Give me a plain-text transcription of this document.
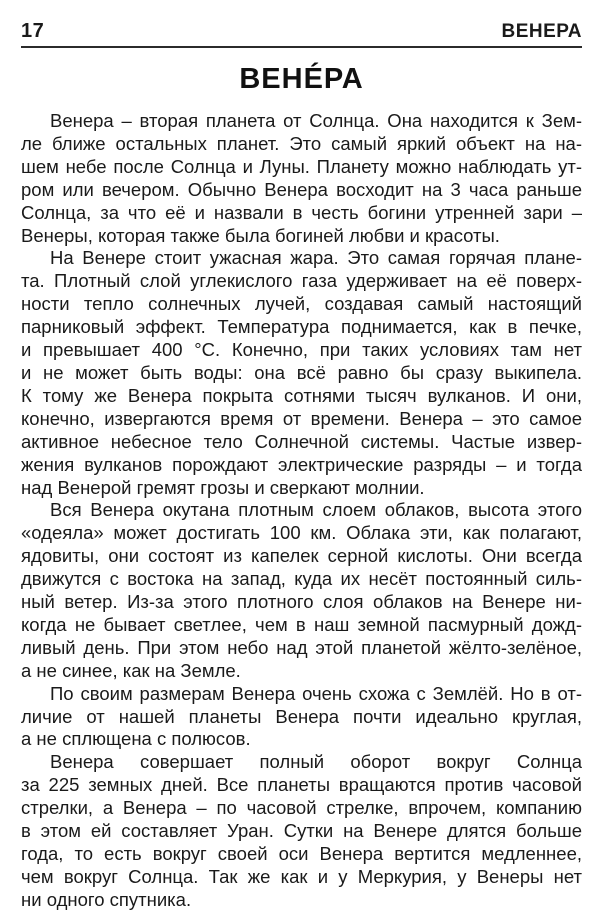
17	ВЕНЕРА
ВЕНÉРА
Венера – вторая планета от Солнца. Она находится к Зем-
ле ближе остальных планет. Это самый яркий объект на на-
шем небе после Солнца и Луны. Планету можно наблюдать ут-
ром или вечером. Обычно Венера восходит на 3 часа раньше
Солнца, за что её и назвали в честь богини утренней зари –
Венеры, которая также была богиней любви и красоты.
На Венере стоит ужасная жара. Это самая горячая плане-
та. Плотный слой углекислого газа удерживает на её поверх-
ности тепло солнечных лучей, создавая самый настоящий
парниковый эффект. Температура поднимается, как в печке,
и превышает 400 °С. Конечно, при таких условиях там нет
и не может быть воды: она всё равно бы сразу выкипела.
К тому же Венера покрыта сотнями тысяч вулканов. И они,
конечно, извергаются время от времени. Венера – это самое
активное небесное тело Солнечной системы. Частые извер-
жения вулканов порождают электрические разряды – и тогда
над Венерой гремят грозы и сверкают молнии.
Вся Венера окутана плотным слоем облаков, высота этого
«одеяла» может достигать 100 км. Облака эти, как полагают,
ядовиты, они состоят из капелек серной кислоты. Они всегда
движутся с востока на запад, куда их несёт постоянный силь-
ный ветер. Из-за этого плотного слоя облаков на Венере ни-
когда не бывает светлее, чем в наш земной пасмурный дожд-
ливый день. При этом небо над этой планетой жёлто-зелёное,
а не синее, как на Земле.
По своим размерам Венера очень схожа с Землёй. Но в от-
личие от нашей планеты Венера почти идеально круглая,
а не сплющена с полюсов.
Венера совершает полный оборот вокруг Солнца
за 225 земных дней. Все планеты вращаются против часовой
стрелки, а Венера – по часовой стрелке, впрочем, компанию
в этом ей составляет Уран. Сутки на Венере длятся больше
года, то есть вокруг своей оси Венера вертится медленнее,
чем вокруг Солнца. Так же как и у Меркурия, у Венеры нет
ни одного спутника.
